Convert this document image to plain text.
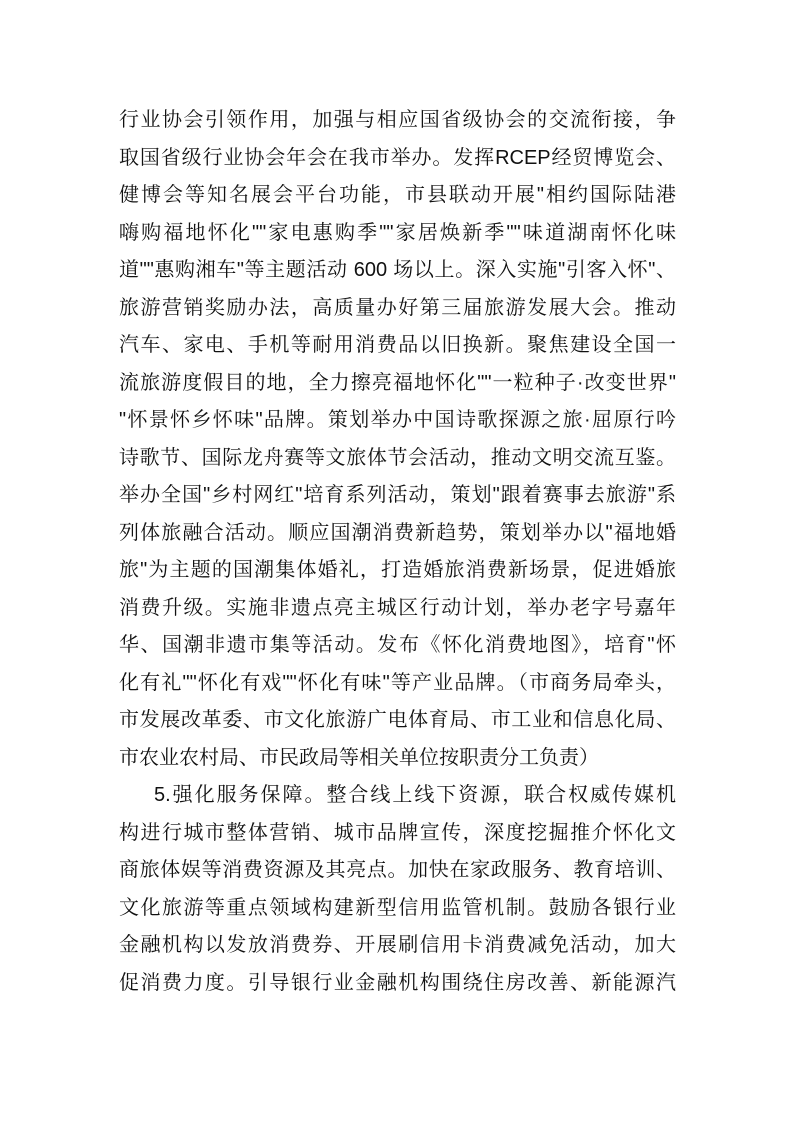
行业协会引领作用，加强与相应国省级协会的交流衔接，争
取国省级行业协会年会在我市举办。发挥RCEP经贸博览会、
健博会等知名展会平台功能，市县联动开展"相约国际陆港
嗨购福地怀化""家电惠购季""家居焕新季""味道湖南怀化味
道""惠购湘车"等主题活动 600 场以上。深入实施"引客入怀"、
旅游营销奖励办法，高质量办好第三届旅游发展大会。推动
汽车、家电、手机等耐用消费品以旧换新。聚焦建设全国一
流旅游度假目的地，全力擦亮福地怀化""一粒种子·改变世界"
"怀景怀乡怀味"品牌。策划举办中国诗歌探源之旅·屈原行吟
诗歌节、国际龙舟赛等文旅体节会活动，推动文明交流互鉴。
举办全国"乡村网红"培育系列活动，策划"跟着赛事去旅游"系
列体旅融合活动。顺应国潮消费新趋势，策划举办以"福地婚
旅"为主题的国潮集体婚礼，打造婚旅消费新场景，促进婚旅
消费升级。实施非遗点亮主城区行动计划，举办老字号嘉年
华、国潮非遗市集等活动。发布《怀化消费地图》，培育"怀
化有礼""怀化有戏""怀化有味"等产业品牌。（市商务局牵头，
市发展改革委、市文化旅游广电体育局、市工业和信息化局、
市农业农村局、市民政局等相关单位按职责分工负责）
5.强化服务保障。整合线上线下资源，联合权威传媒机
构进行城市整体营销、城市品牌宣传，深度挖掘推介怀化文
商旅体娱等消费资源及其亮点。加快在家政服务、教育培训、
文化旅游等重点领域构建新型信用监管机制。鼓励各银行业
金融机构以发放消费券、开展刷信用卡消费减免活动，加大
促消费力度。引导银行业金融机构围绕住房改善、新能源汽
